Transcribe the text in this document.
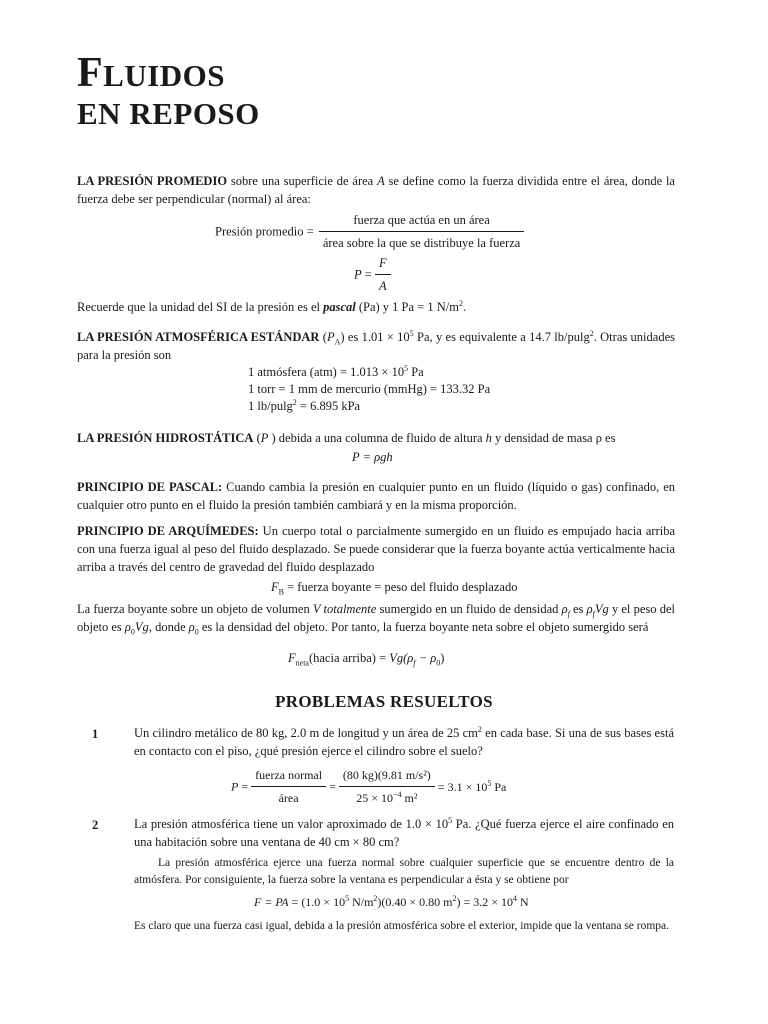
FLUIDOS
EN REPOSO
LA PRESIÓN PROMEDIO sobre una superficie de área A se define como la fuerza dividida entre el área, donde la fuerza debe ser perpendicular (normal) al área:
Presión promedio = $\frac{\text{fuerza que actúa en un área}}{\text{área sobre la que se distribuye la fuerza}}$
$P = \frac{F}{A}$
Recuerde que la unidad del SI de la presión es el pascal (Pa) y 1 Pa = 1 $N/m^2$.
LA PRESIÓN ATMOSFÉRICA ESTÁNDAR $(P_A)$ es $1.01 \times 10^5$ Pa, y es equivalente a 14.7 lb/pulg$^2$. Otras unidades para la presión son
1 atmósfera $(atm) = 1.013 \times 10^5$ Pa
1 torr = 1 mm de mercurio (mmHg) = 133.32 Pa
1 lb/pulg$^2$ = 6.895 kPa
LA PRESIÓN HIDROSTÁTICA (P ) debida a una columna de fluido de altura h y densidad de masa ρ es
P = ρgh
PRINCIPIO DE PASCAL: Cuando cambia la presión en cualquier punto en un fluido (líquido o gas) confinado, en cualquier otro punto en el fluido la presión también cambiará y en la misma proporción.
PRINCIPIO DE ARQUÍMEDES: Un cuerpo total o parcialmente sumergido en un fluido es empujado hacia arriba con una fuerza igual al peso del fluido desplazado. Se puede considerar que la fuerza boyante actúa verticalmente hacia arriba a través del centro de gravedad del fluido desplazado
$F_B$ = fuerza boyante = peso del fluido desplazado
La fuerza boyante sobre un objeto de volumen V totalmente sumergido en un fluido de densidad $\rho_f$ es $\rho_fVg$ y el peso del objeto es $\rho_0Vg$, donde $\rho_0$ es la densidad del objeto. Por tanto, la fuerza boyante neta sobre el objeto sumergido será
$F_{neta}(hacia$ arriba) = $Vg(\rho_f - \rho_0)$
PROBLEMAS RESUELTOS
1	Un cilindro metálico de 80 kg, 2.0 m de longitud y un área de 25 $cm^2$ en cada base. Si una de sus bases está en contacto con el piso, ¿qué presión ejerce el cilindro sobre el suelo?
$P = \frac{\text{fuerza normal}}{\text{área}} = \frac{\text{(80 kg)(9.81 m/s²)}}{25 \times 10^{-4} m^2} = 3.1 \times 10^5$ Pa
2	La presión atmosférica tiene un valor aproximado de $1.0 \times 10^5$ Pa. ¿Qué fuerza ejerce el aire confinado en una habitación sobre una ventana de 40 cm × 80 cm?
La presión atmosférica ejerce una fuerza normal sobre cualquier superficie que se encuentre dentro de la atmósfera. Por consiguiente, la fuerza sobre la ventana es perpendicular a ésta y se obtiene por
F = PA = ($1.0 \times 10^5$ $N/m^2)(0.40 \times 0.80$ $m^2) = 3.2 \times 10^4$ N
Es claro que una fuerza casi igual, debida a la presión atmosférica sobre el exterior, impide que la ventana se rompa.
